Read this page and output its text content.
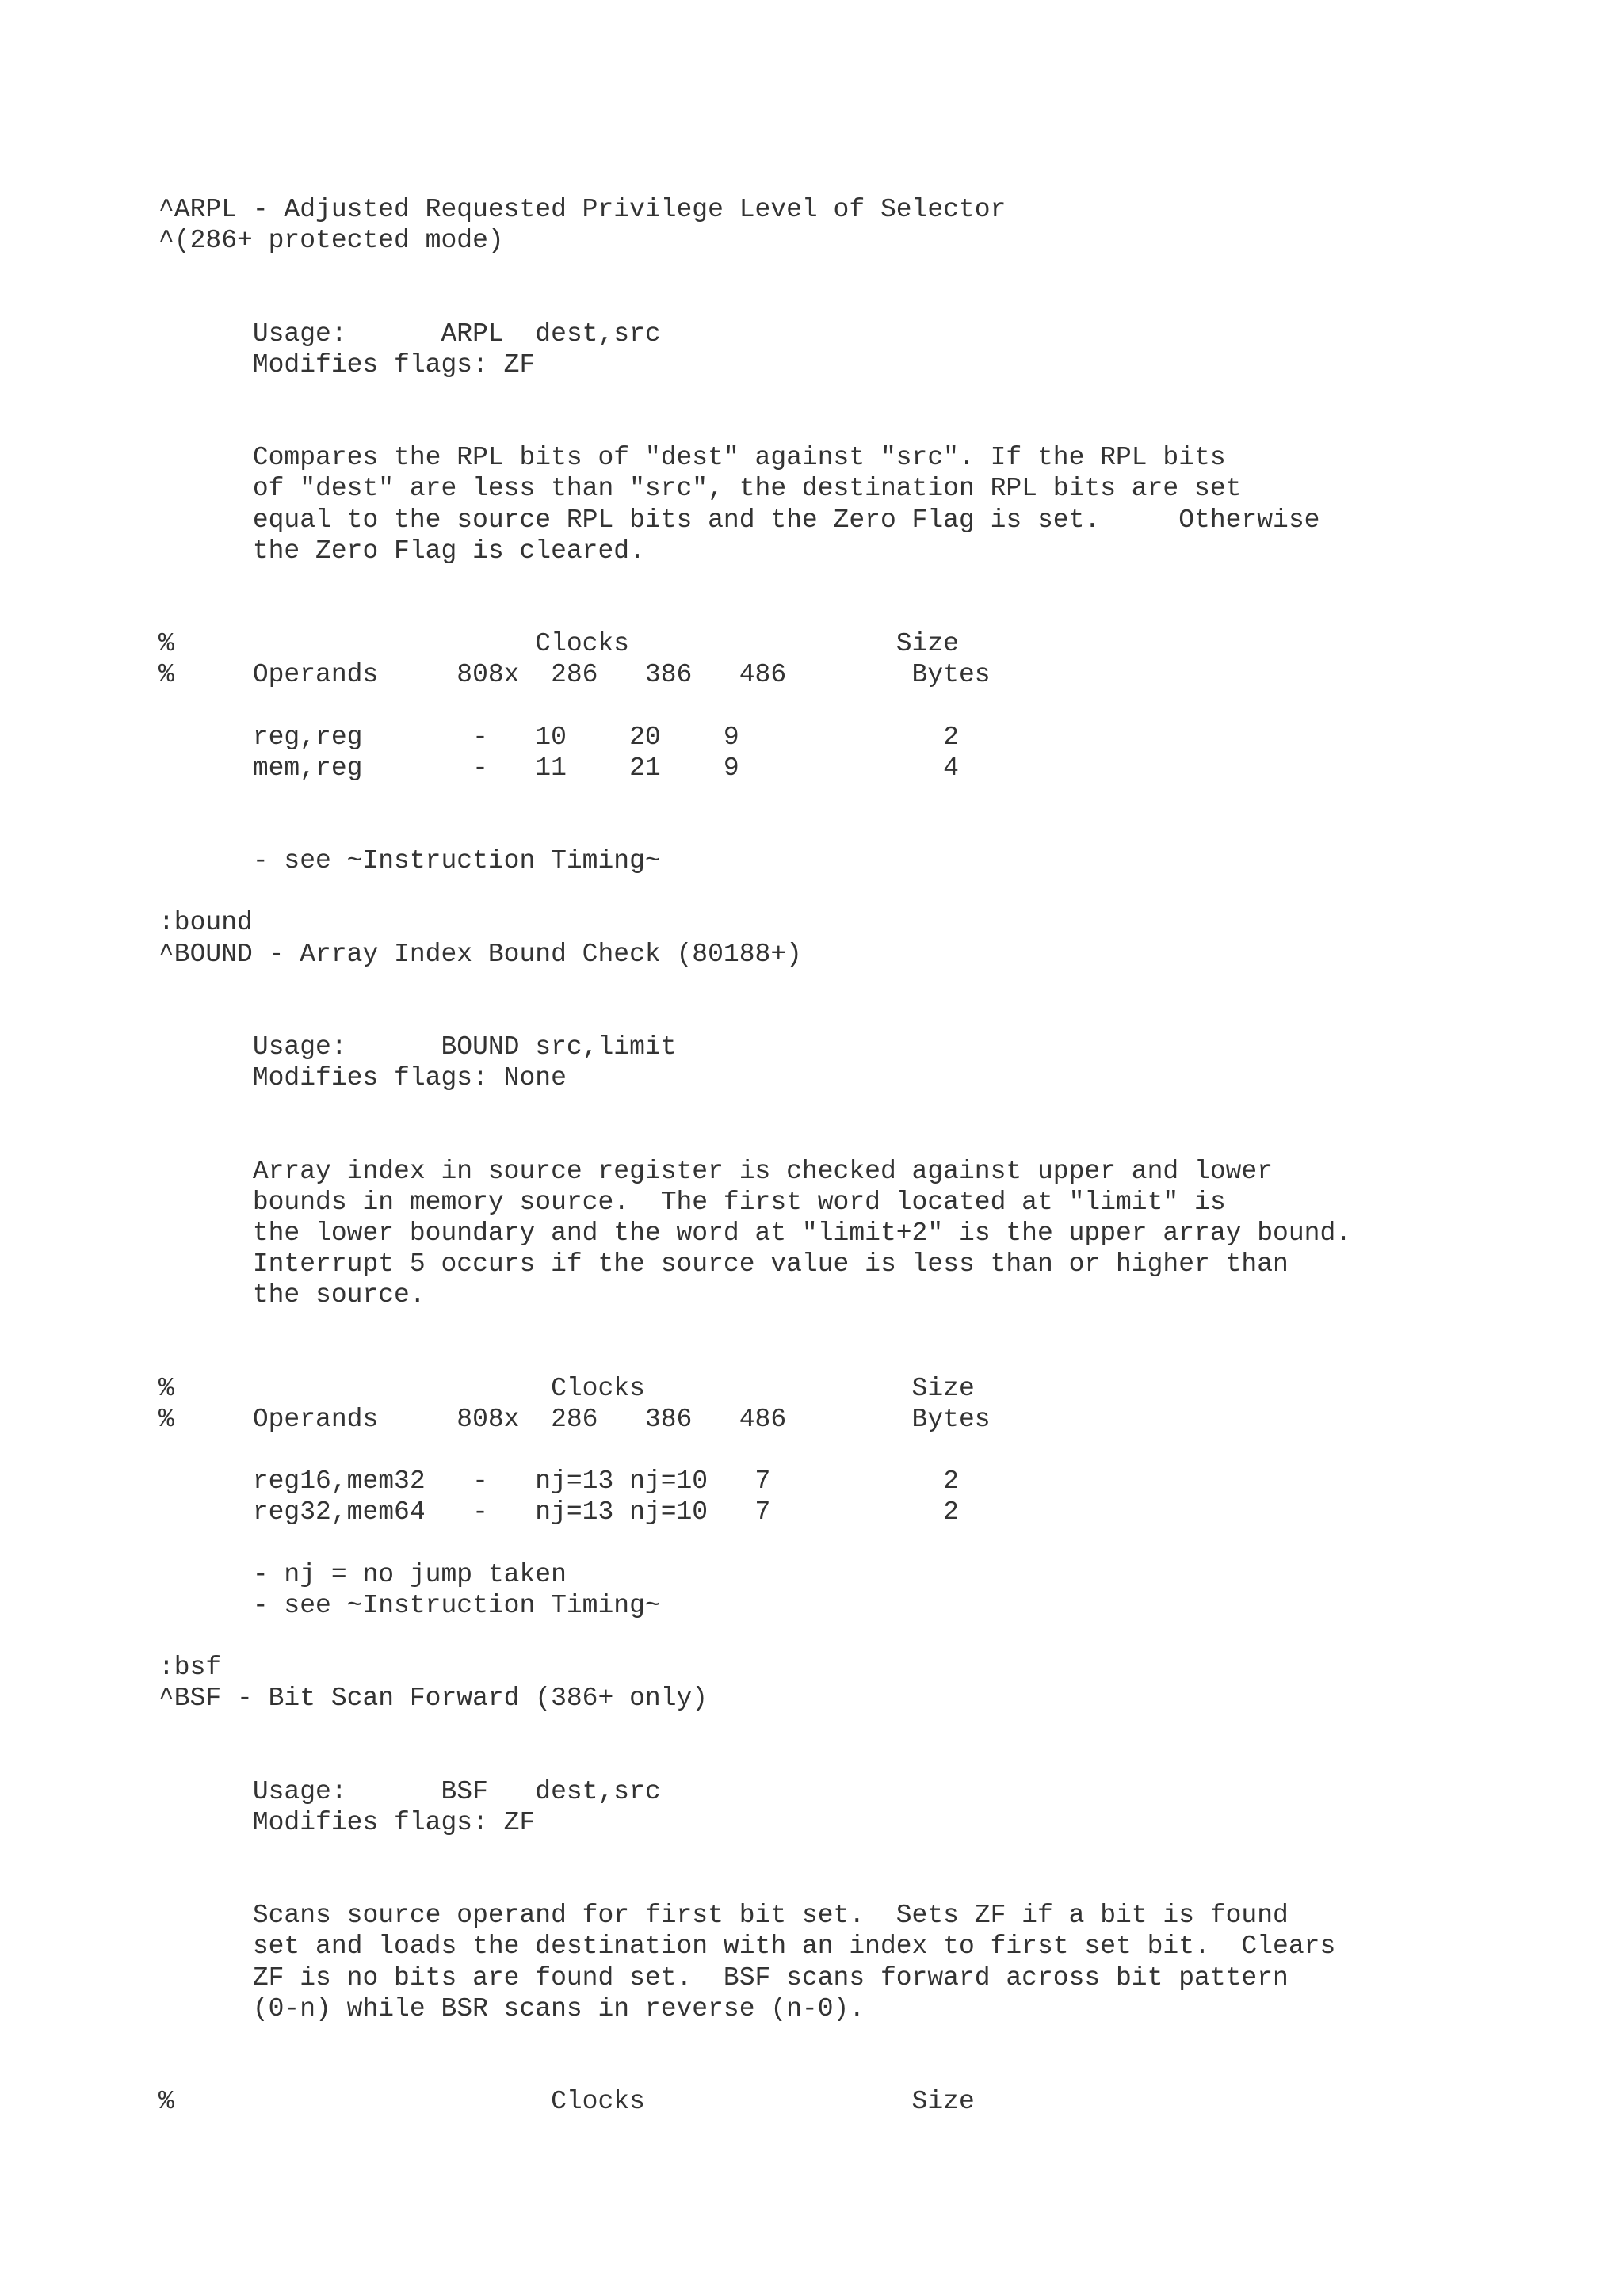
^ARPL - Adjusted Requested Privilege Level of Selector

^(286+ protected mode)

Usage:      ARPL  dest,src

Modifies flags: ZF

Compares the RPL bits of "dest" against "src". If the RPL bits

of "dest" are less than "src", the destination RPL bits are set

equal to the source RPL bits and the Zero Flag is set.     Otherwise

the Zero Flag is cleared.

%                       Clocks                 Size

%     Operands     808x  286   386   486        Bytes

reg,reg       -   10    20    9             2

mem,reg       -   11    21    9             4

- see ~Instruction Timing~

:bound

^BOUND - Array Index Bound Check (80188+)

Usage:      BOUND src,limit

Modifies flags: None

Array index in source register is checked against upper and lower

bounds in memory source.  The first word located at "limit" is

the lower boundary and the word at "limit+2" is the upper array bound.

Interrupt 5 occurs if the source value is less than or higher than

the source.

%                        Clocks                 Size

%     Operands     808x  286   386   486        Bytes

reg16,mem32   -   nj=13 nj=10   7           2

reg32,mem64   -   nj=13 nj=10   7           2

- nj = no jump taken

- see ~Instruction Timing~

:bsf

^BSF - Bit Scan Forward (386+ only)

Usage:      BSF   dest,src

Modifies flags: ZF

Scans source operand for first bit set.  Sets ZF if a bit is found

set and loads the destination with an index to first set bit.  Clears

ZF is no bits are found set.  BSF scans forward across bit pattern

(0-n) while BSR scans in reverse (n-0).

%                        Clocks                 Size
